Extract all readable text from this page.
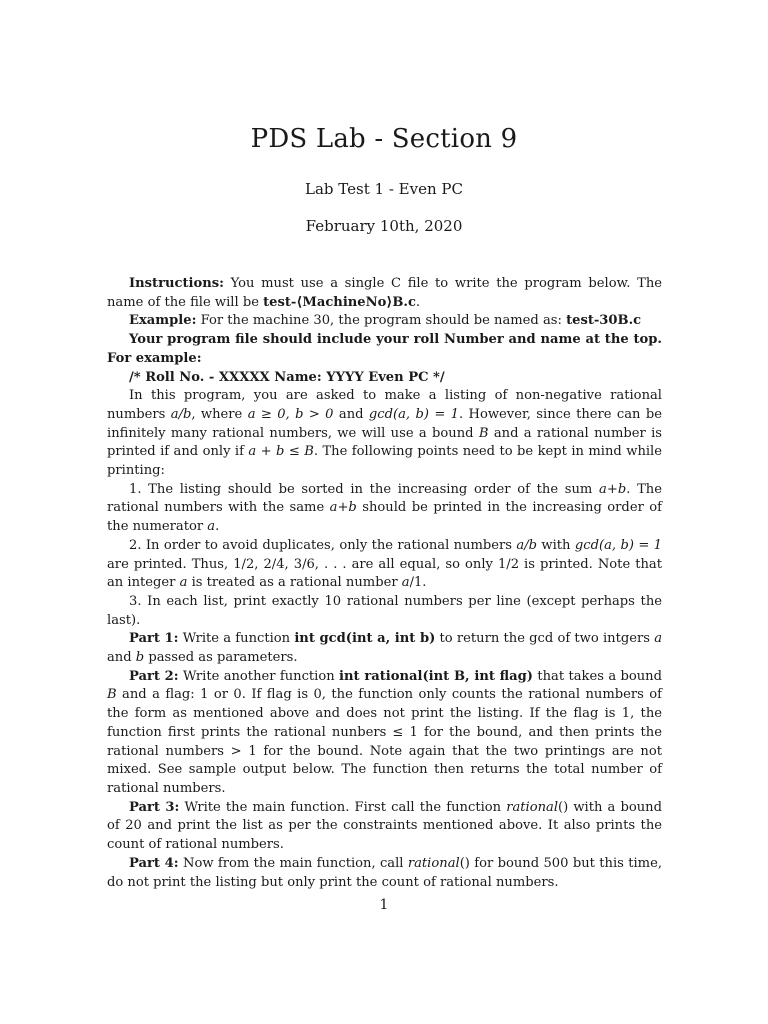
PDS Lab - Section 9
Lab Test 1 - Even PC
February 10th, 2020

Instructions: You must use a single C file to write the program below. The name of the file will be test-⟨MachineNo⟩B.c.

Example: For the machine 30, the program should be named as: test-30B.c

Your program file should include your roll Number and name at the top. For example:

/* Roll No. - XXXXX Name: YYYY Even PC */

In this program, you are asked to make a listing of non-negative rational numbers a/b, where a ≥ 0, b > 0 and gcd(a, b) = 1. However, since there can be infinitely many rational numbers, we will use a bound B and a rational number is printed if and only if a + b ≤ B. The following points need to be kept in mind while printing:

1. The listing should be sorted in the increasing order of the sum a+b. The rational numbers with the same a+b should be printed in the increasing order of the numerator a.

2. In order to avoid duplicates, only the rational numbers a/b with gcd(a, b) = 1 are printed. Thus, 1/2, 2/4, 3/6, . . . are all equal, so only 1/2 is printed. Note that an integer a is treated as a rational number a/1.

3. In each list, print exactly 10 rational numbers per line (except perhaps the last).

Part 1: Write a function int gcd(int a, int b) to return the gcd of two intgers a and b passed as parameters.

Part 2: Write another function int rational(int B, int flag) that takes a bound B and a flag: 1 or 0. If flag is 0, the function only counts the rational numbers of the form as mentioned above and does not print the listing. If the flag is 1, the function first prints the rational nunbers ≤ 1 for the bound, and then prints the rational numbers > 1 for the bound. Note again that the two printings are not mixed. See sample output below. The function then returns the total number of rational numbers.

Part 3: Write the main function. First call the function rational() with a bound of 20 and print the list as per the constraints mentioned above. It also prints the count of rational numbers.

Part 4: Now from the main function, call rational() for bound 500 but this time, do not print the listing but only print the count of rational numbers.

1
